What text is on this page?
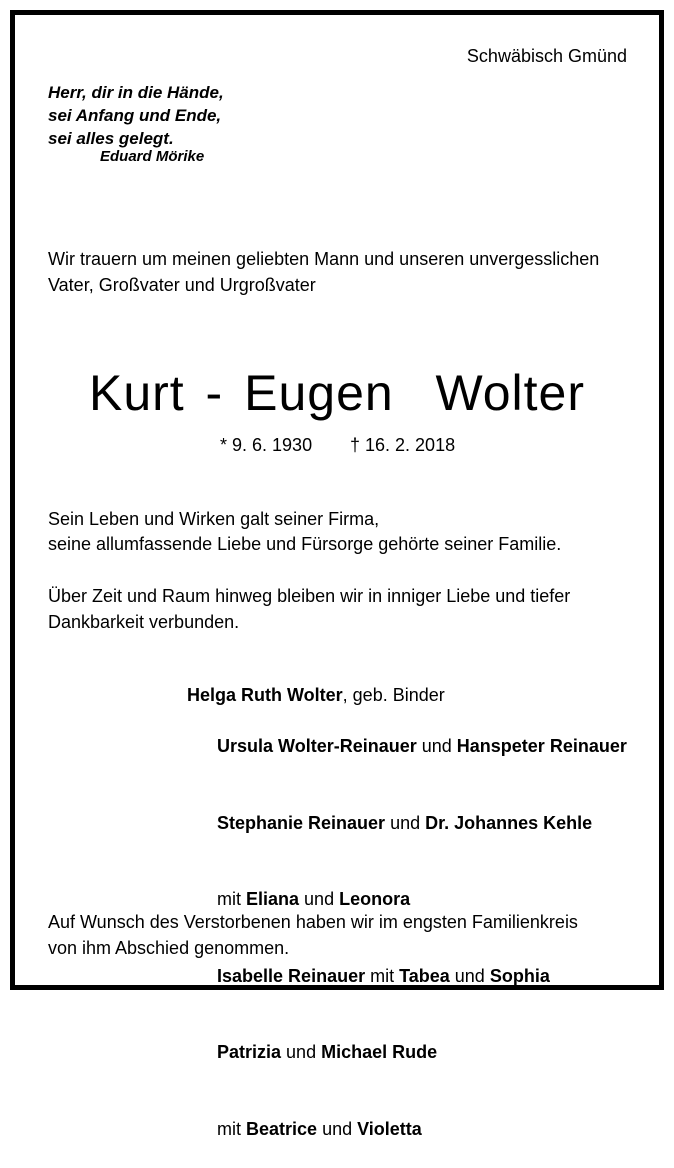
Schwäbisch Gmünd
Herr, dir in die Hände,
sei Anfang und Ende,
sei alles gelegt.
Eduard Mörike
Wir trauern um meinen geliebten Mann und unseren unvergesslichen
Vater, Großvater und Urgroßvater
Kurt - Eugen  Wolter
* 9. 6. 1930 † 16. 2. 2018
Sein Leben und Wirken galt seiner Firma,
seine allumfassende Liebe und Fürsorge gehörte seiner Familie.
Über Zeit und Raum hinweg bleiben wir in inniger Liebe und tiefer
Dankbarkeit verbunden.
Helga Ruth Wolter, geb. Binder

Ursula Wolter-Reinauer und Hanspeter Reinauer

Stephanie Reinauer und Dr. Johannes Kehle

mit Eliana und Leonora

Isabelle Reinauer mit Tabea und Sophia

Patrizia und Michael Rude

mit Beatrice und Violetta

Auf Wunsch des Verstorbenen haben wir im engsten Familienkreis
von ihm Abschied genommen.
